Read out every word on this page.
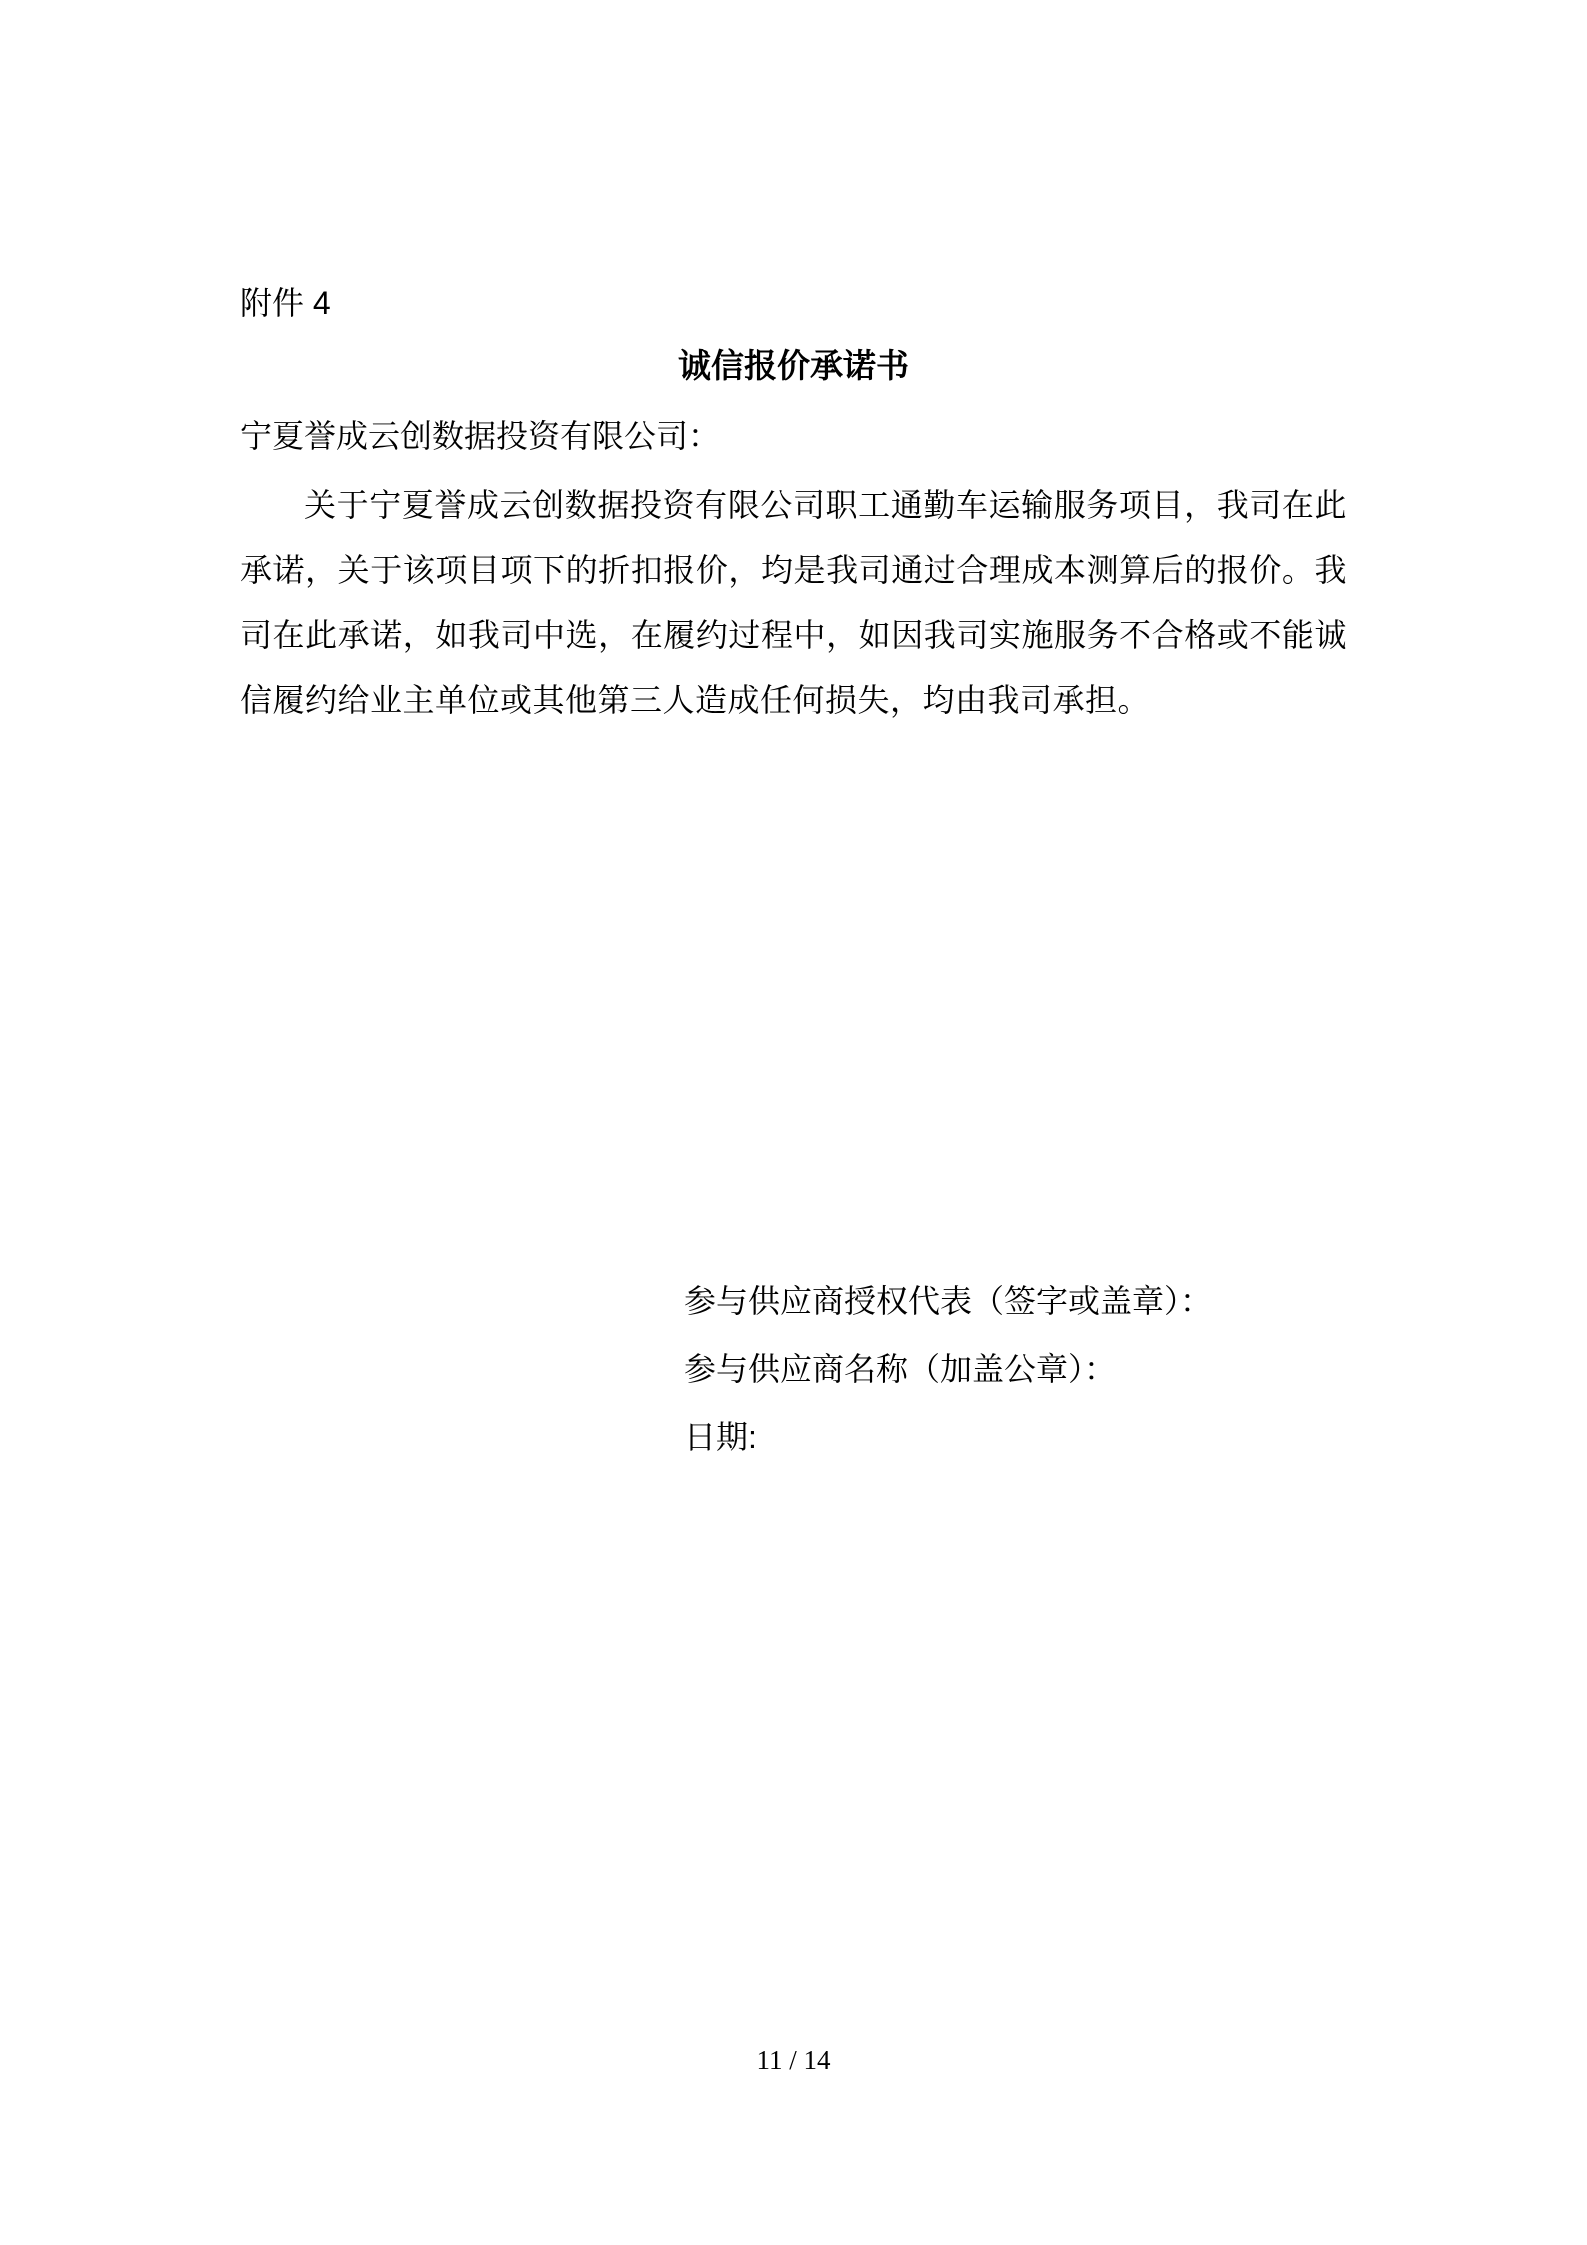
附件 4
诚信报价承诺书
宁夏誉成云创数据投资有限公司：

关于宁夏誉成云创数据投资有限公司职工通勤车运输服务项目，我司在此承诺，关于该项目项下的折扣报价，均是我司通过合理成本测算后的报价。我司在此承诺，如我司中选，在履约过程中，如因我司实施服务不合格或不能诚信履约给业主单位或其他第三人造成任何损失，均由我司承担。

参与供应商授权代表（签字或盖章）：
参与供应商名称（加盖公章）：
日期:
11 / 14
